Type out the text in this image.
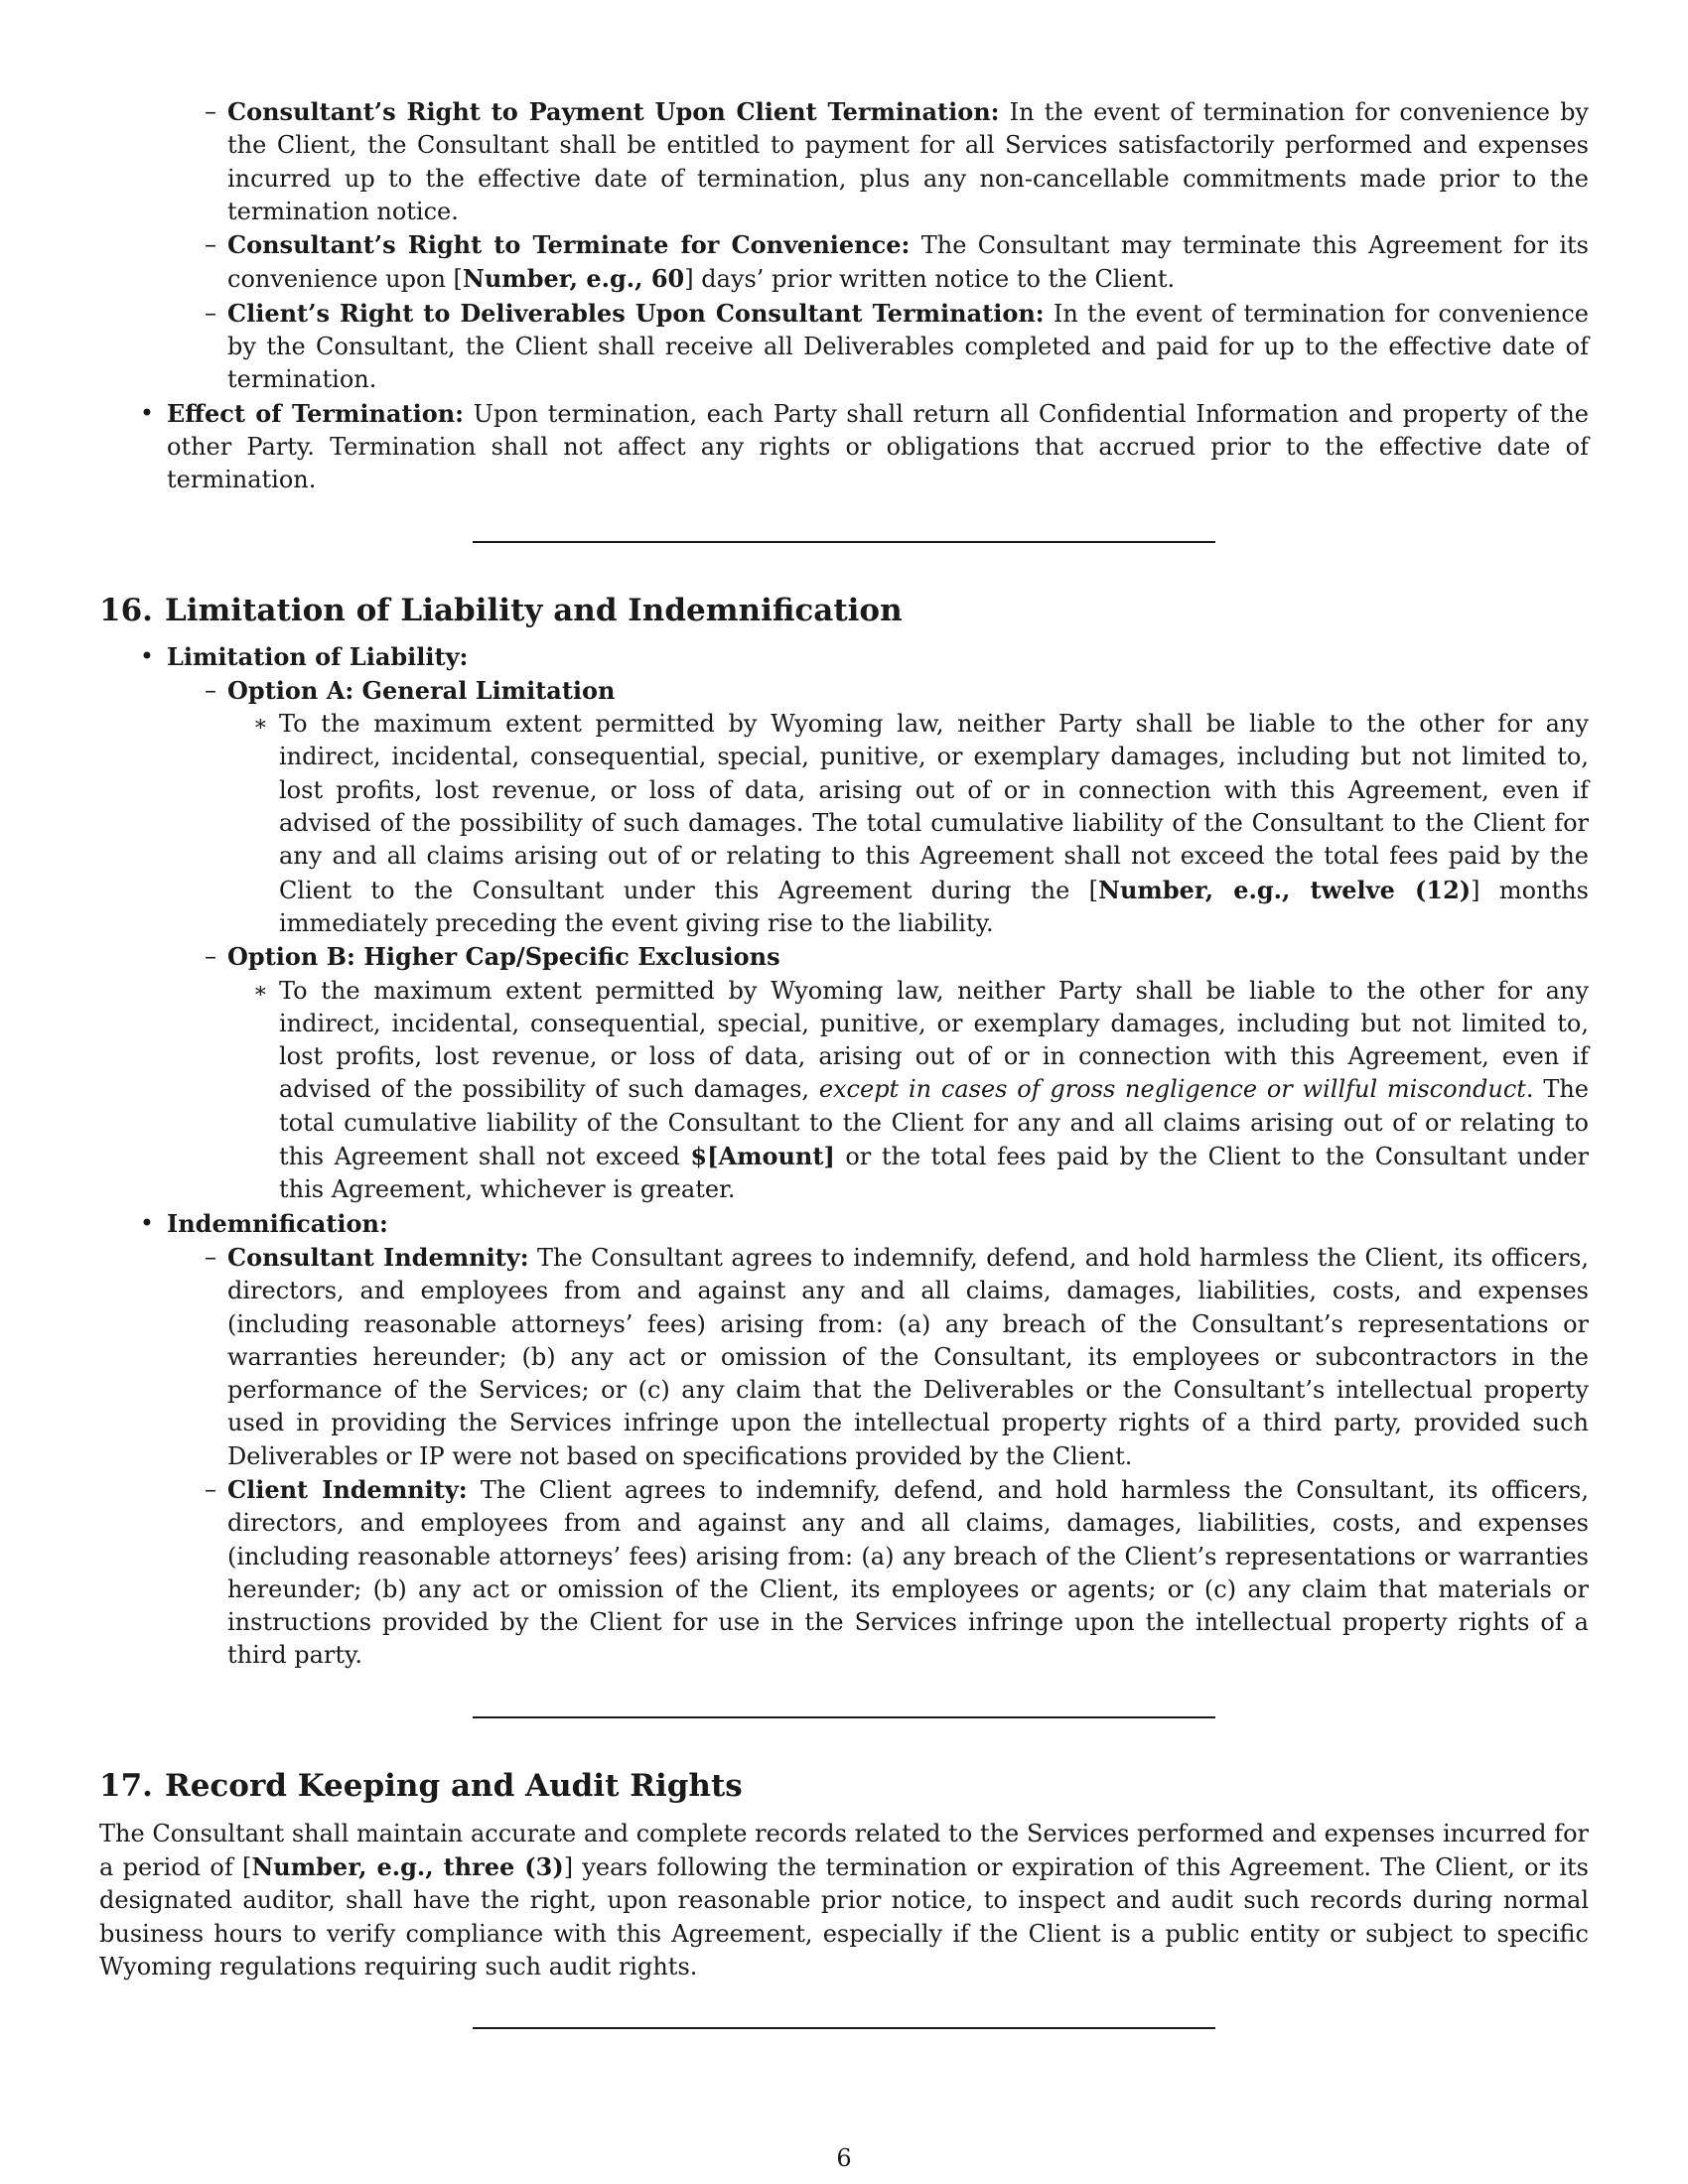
– Consultant’s Right to Payment Upon Client Termination: In the event of termination for convenience by the Client, the Consultant shall be entitled to payment for all Services satisfactorily performed and expenses incurred up to the effective date of termination, plus any non-cancellable commitments made prior to the termination notice.
– Consultant’s Right to Terminate for Convenience: The Consultant may terminate this Agreement for its convenience upon [Number, e.g., 60] days’ prior written notice to the Client.
– Client’s Right to Deliverables Upon Consultant Termination: In the event of termination for convenience by the Consultant, the Client shall receive all Deliverables completed and paid for up to the effective date of termination.
• Effect of Termination: Upon termination, each Party shall return all Confidential Information and property of the other Party. Termination shall not affect any rights or obligations that accrued prior to the effective date of termination.
16. Limitation of Liability and Indemnification
• Limitation of Liability:
– Option A: General Limitation
∗ To the maximum extent permitted by Wyoming law, neither Party shall be liable to the other for any indirect, incidental, consequential, special, punitive, or exemplary damages, including but not limited to, lost profits, lost revenue, or loss of data, arising out of or in connection with this Agreement, even if advised of the possibility of such damages. The total cumulative liability of the Consultant to the Client for any and all claims arising out of or relating to this Agreement shall not exceed the total fees paid by the Client to the Consultant under this Agreement during the [Number, e.g., twelve (12)] months immediately preceding the event giving rise to the liability.
– Option B: Higher Cap/Specific Exclusions
∗ To the maximum extent permitted by Wyoming law, neither Party shall be liable to the other for any indirect, incidental, consequential, special, punitive, or exemplary damages, including but not limited to, lost profits, lost revenue, or loss of data, arising out of or in connection with this Agreement, even if advised of the possibility of such damages, except in cases of gross negligence or willful misconduct. The total cumulative liability of the Consultant to the Client for any and all claims arising out of or relating to this Agreement shall not exceed $[Amount] or the total fees paid by the Client to the Consultant under this Agreement, whichever is greater.
• Indemnification:
– Consultant Indemnity: The Consultant agrees to indemnify, defend, and hold harmless the Client, its officers, directors, and employees from and against any and all claims, damages, liabilities, costs, and expenses (including reasonable attorneys’ fees) arising from: (a) any breach of the Consultant’s representations or warranties hereunder; (b) any act or omission of the Consultant, its employees or subcontractors in the performance of the Services; or (c) any claim that the Deliverables or the Consultant’s intellectual property used in providing the Services infringe upon the intellectual property rights of a third party, provided such Deliverables or IP were not based on specifications provided by the Client.
– Client Indemnity: The Client agrees to indemnify, defend, and hold harmless the Consultant, its officers, directors, and employees from and against any and all claims, damages, liabilities, costs, and expenses (including reasonable attorneys’ fees) arising from: (a) any breach of the Client’s representations or warranties hereunder; (b) any act or omission of the Client, its employees or agents; or (c) any claim that materials or instructions provided by the Client for use in the Services infringe upon the intellectual property rights of a third party.
17. Record Keeping and Audit Rights
The Consultant shall maintain accurate and complete records related to the Services performed and expenses incurred for a period of [Number, e.g., three (3)] years following the termination or expiration of this Agreement. The Client, or its designated auditor, shall have the right, upon reasonable prior notice, to inspect and audit such records during normal business hours to verify compliance with this Agreement, especially if the Client is a public entity or subject to specific Wyoming regulations requiring such audit rights.
6
